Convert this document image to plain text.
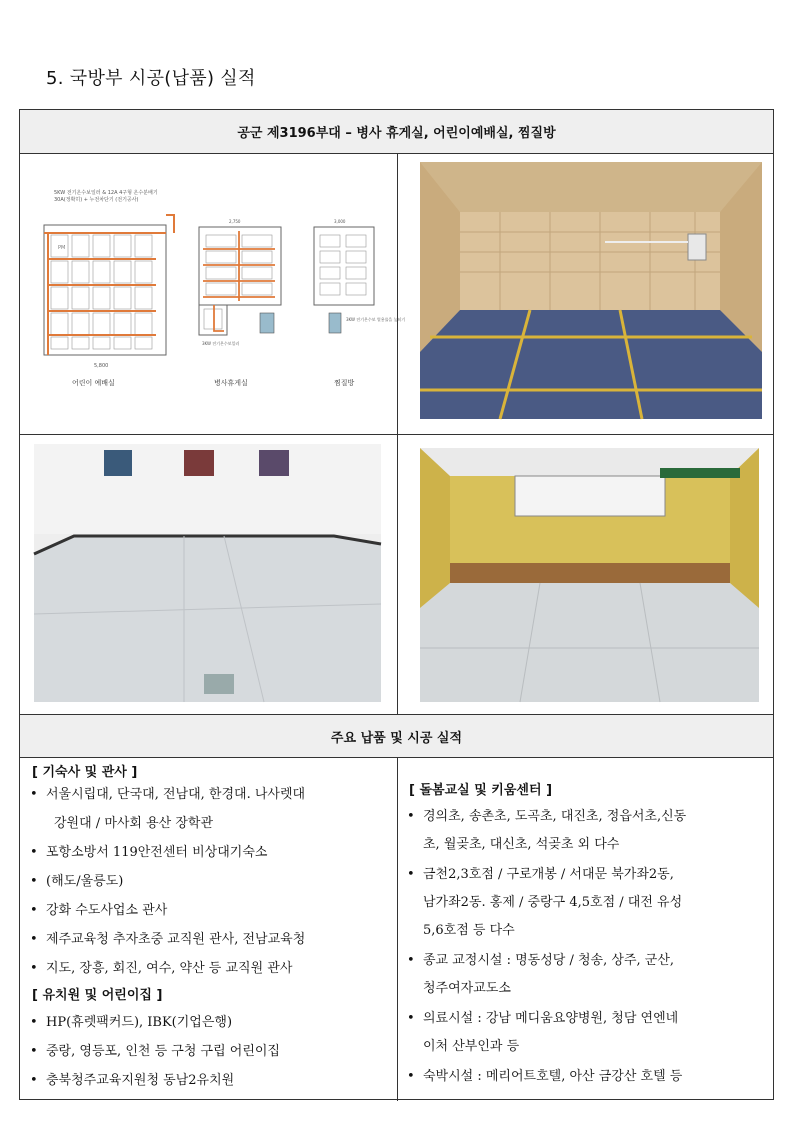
5. 국방부 시공(납품) 실적
공군 제3196부대 – 병사 휴게실, 어린이예배실, 찜질방
5KW 전기온수보일러 & 12A 4구형 온수분배기
30A(정확히) + 누전차단기 (전기공사)
PM
5,800
어린이 예배실
2,750
3KW 전기온수보일러
병사휴게실
3,000
3KW 전기온수보 열용률을 높히기
찜질방
주요 납품 및 시공 실적
[ 기숙사 및 관사 ]
• 서울시립대, 단국대, 전남대, 한경대. 나사렛대
강원대 / 마사회 용산 장학관
• 포항소방서 119안전센터 비상대기숙소
• (해도/울릉도)
• 강화 수도사업소 관사
• 제주교육청 추자초중 교직원 관사, 전남교육청
• 지도, 장흥, 회진, 여수, 약산 등 교직원 관사
[ 유치원 및 어린이집 ]
• HP(휴렛팩커드), IBK(기업은행)
• 중랑, 영등포, 인천 등 구청 구립 어린이집
• 충북청주교육지원청 동남2유치원
[ 돌봄교실 및 키움센터 ]
• 경의초, 송촌초, 도곡초, 대진초, 정읍서초,신동
초, 월곶초, 대신초, 석곶초 외 다수
• 금천2,3호점 / 구로개봉 / 서대문 북가좌2동,
남가좌2동. 홍제 / 중랑구 4,5호점 / 대전 유성
5,6호점 등 다수
• 종교 교정시설 : 명동성당 / 청송, 상주, 군산,
청주여자교도소
• 의료시설 : 강남 메디움요양병원, 청담 연엔네
이처 산부인과 등
• 숙박시설 : 메리어트호텔, 아산 금강산 호텔 등
